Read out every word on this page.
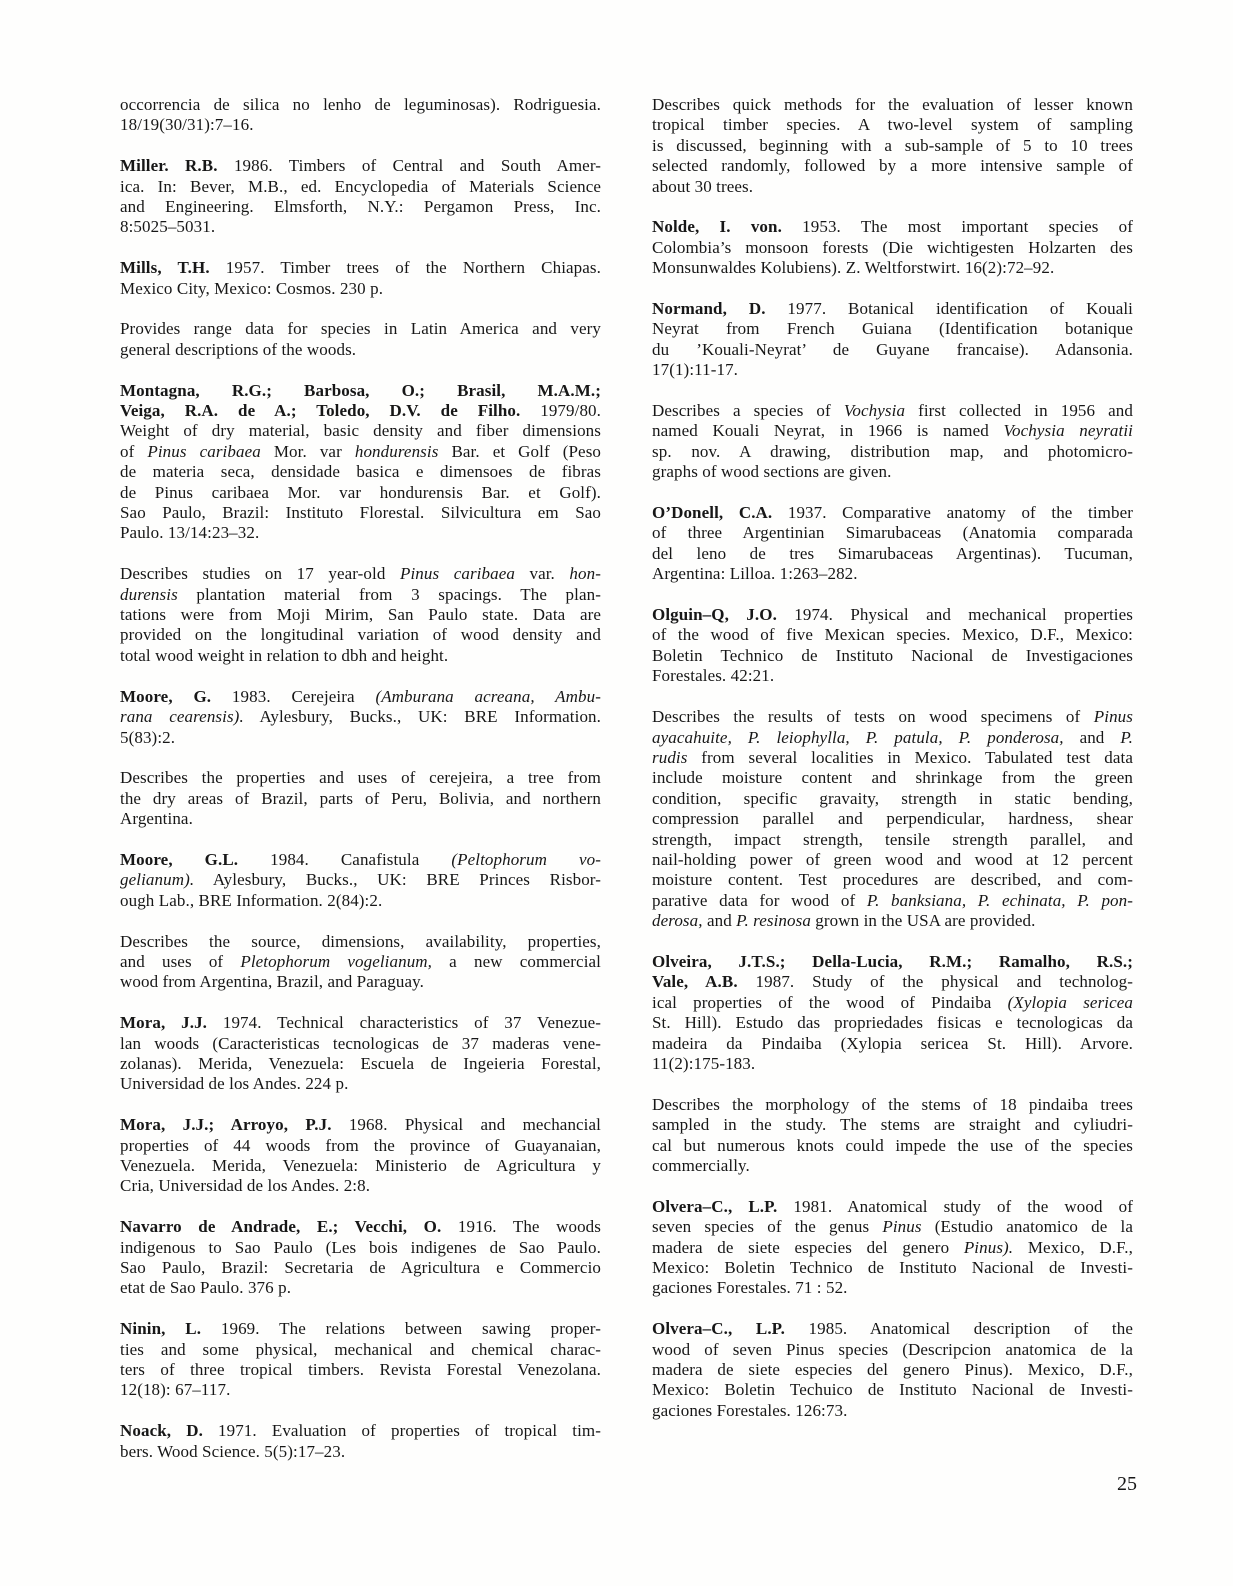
occorrencia de silica no lenho de leguminosas). Rodriguesia.
18/19(30/31):7–16.
Miller. R.B. 1986. Timbers of Central and South Amer-
ica. In: Bever, M.B., ed. Encyclopedia of Materials Science
and Engineering. Elmsforth, N.Y.: Pergamon Press, Inc.
8:5025–5031.
Mills, T.H. 1957. Timber trees of the Northern Chiapas.
Mexico City, Mexico: Cosmos. 230 p.
Provides range data for species in Latin America and very
general descriptions of the woods.
Montagna, R.G.; Barbosa, O.; Brasil, M.A.M.;
Veiga, R.A. de A.; Toledo, D.V. de Filho. 1979/80.
Weight of dry material, basic density and fiber dimensions
of Pinus caribaea Mor. var hondurensis Bar. et Golf (Peso
de materia seca, densidade basica e dimensoes de fibras
de Pinus caribaea Mor. var hondurensis Bar. et Golf).
Sao Paulo, Brazil: Instituto Florestal. Silvicultura em Sao
Paulo. 13/14:23–32.
Describes studies on 17 year-old Pinus caribaea var. hon-
durensis plantation material from 3 spacings. The plan-
tations were from Moji Mirim, San Paulo state. Data are
provided on the longitudinal variation of wood density and
total wood weight in relation to dbh and height.
Moore, G. 1983. Cerejeira (Amburana acreana, Ambu-
rana cearensis). Aylesbury, Bucks., UK: BRE Information.
5(83):2.
Describes the properties and uses of cerejeira, a tree from
the dry areas of Brazil, parts of Peru, Bolivia, and northern
Argentina.
Moore, G.L. 1984. Canafistula (Peltophorum vo-
gelianum). Aylesbury, Bucks., UK: BRE Princes Risbor-
ough Lab., BRE Information. 2(84):2.
Describes the source, dimensions, availability, properties,
and uses of Pletophorum vogelianum, a new commercial
wood from Argentina, Brazil, and Paraguay.
Mora, J.J. 1974. Technical characteristics of 37 Venezue-
lan woods (Caracteristicas tecnologicas de 37 maderas vene-
zolanas). Merida, Venezuela: Escuela de Ingeieria Forestal,
Universidad de los Andes. 224 p.
Mora, J.J.; Arroyo, P.J. 1968. Physical and mechancial
properties of 44 woods from the province of Guayanaian,
Venezuela. Merida, Venezuela: Ministerio de Agricultura y
Cria, Universidad de los Andes. 2:8.
Navarro de Andrade, E.; Vecchi, O. 1916. The woods
indigenous to Sao Paulo (Les bois indigenes de Sao Paulo.
Sao Paulo, Brazil: Secretaria de Agricultura e Commercio
etat de Sao Paulo. 376 p.
Ninin, L. 1969. The relations between sawing proper-
ties and some physical, mechanical and chemical charac-
ters of three tropical timbers. Revista Forestal Venezolana.
12(18): 67–117.
Noack, D. 1971. Evaluation of properties of tropical tim-
bers. Wood Science. 5(5):17–23.
Describes quick methods for the evaluation of lesser known
tropical timber species. A two-level system of sampling
is discussed, beginning with a sub-sample of 5 to 10 trees
selected randomly, followed by a more intensive sample of
about 30 trees.
Nolde, I. von. 1953. The most important species of
Colombia’s monsoon forests (Die wichtigesten Holzarten des
Monsunwaldes Kolubiens). Z. Weltforstwirt. 16(2):72–92.
Normand, D. 1977. Botanical identification of Kouali
Neyrat from French Guiana (Identification botanique
du ’Kouali-Neyrat’ de Guyane francaise). Adansonia.
17(1):11-17.
Describes a species of Vochysia first collected in 1956 and
named Kouali Neyrat, in 1966 is named Vochysia neyratii
sp. nov. A drawing, distribution map, and photomicro-
graphs of wood sections are given.
O’Donell, C.A. 1937. Comparative anatomy of the timber
of three Argentinian Simarubaceas (Anatomia comparada
del leno de tres Simarubaceas Argentinas). Tucuman,
Argentina: Lilloa. 1:263–282.
Olguin–Q, J.O. 1974. Physical and mechanical properties
of the wood of five Mexican species. Mexico, D.F., Mexico:
Boletin Technico de Instituto Nacional de Investigaciones
Forestales. 42:21.
Describes the results of tests on wood specimens of Pinus
ayacahuite, P. leiophylla, P. patula, P. ponderosa, and P.
rudis from several localities in Mexico. Tabulated test data
include moisture content and shrinkage from the green
condition, specific gravaity, strength in static bending,
compression parallel and perpendicular, hardness, shear
strength, impact strength, tensile strength parallel, and
nail-holding power of green wood and wood at 12 percent
moisture content. Test procedures are described, and com-
parative data for wood of P. banksiana, P. echinata, P. pon-
derosa, and P. resinosa grown in the USA are provided.
Olveira, J.T.S.; Della-Lucia, R.M.; Ramalho, R.S.;
Vale, A.B. 1987. Study of the physical and technolog-
ical properties of the wood of Pindaiba (Xylopia sericea
St. Hill). Estudo das propriedades fisicas e tecnologicas da
madeira da Pindaiba (Xylopia sericea St. Hill). Arvore.
11(2):175-183.
Describes the morphology of the stems of 18 pindaiba trees
sampled in the study. The stems are straight and cyliudri-
cal but numerous knots could impede the use of the species
commercially.
Olvera–C., L.P. 1981. Anatomical study of the wood of
seven species of the genus Pinus (Estudio anatomico de la
madera de siete especies del genero Pinus). Mexico, D.F.,
Mexico: Boletin Technico de Instituto Nacional de Investi-
gaciones Forestales. 71 : 52.
Olvera–C., L.P. 1985. Anatomical description of the
wood of seven Pinus species (Descripcion anatomica de la
madera de siete especies del genero Pinus). Mexico, D.F.,
Mexico: Boletin Techuico de Instituto Nacional de Investi-
gaciones Forestales. 126:73.
25
